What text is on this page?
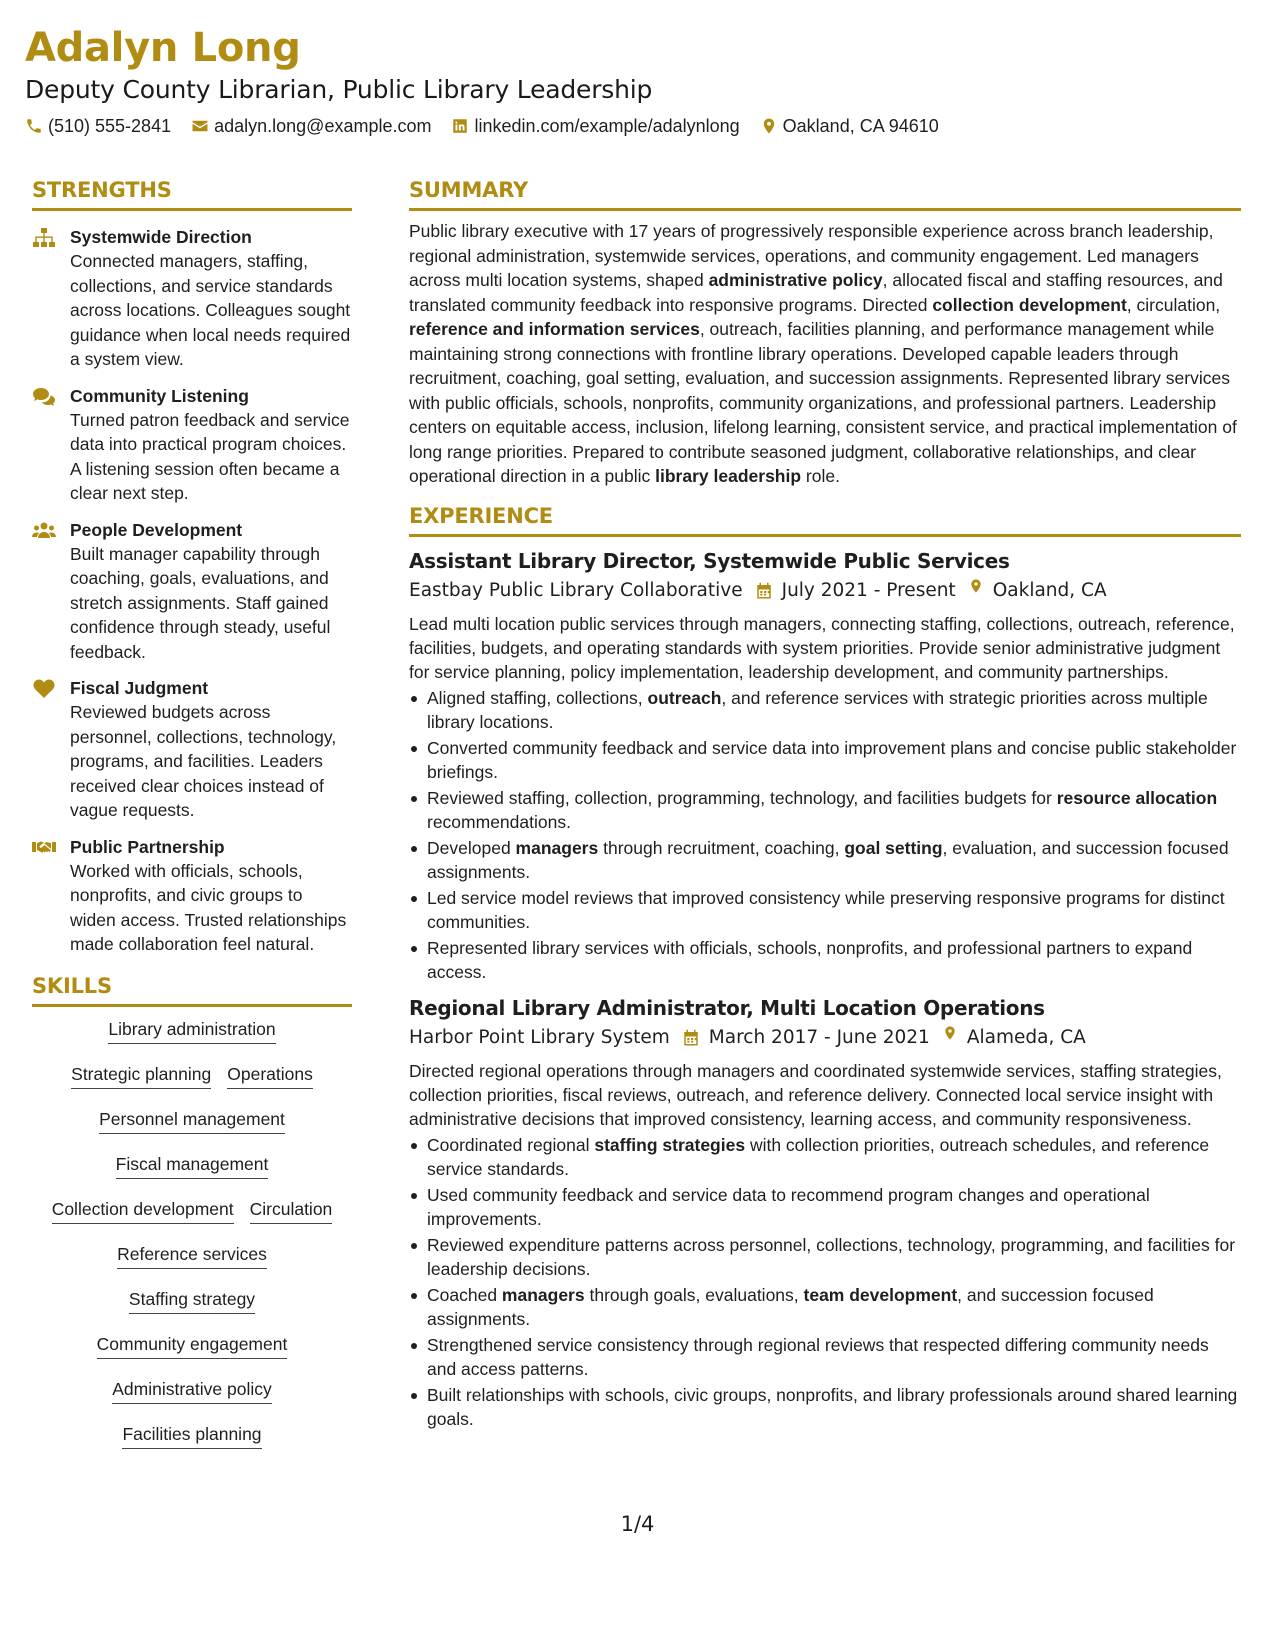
Adalyn Long
Deputy County Librarian, Public Library Leadership
(510) 555-2841 adalyn.long@example.com linkedin.com/example/adalynlong Oakland, CA 94610
STRENGTHS
Systemwide Direction
Connected managers, staffing, collections, and service standards across locations. Colleagues sought guidance when local needs required a system view.
Community Listening
Turned patron feedback and service data into practical program choices. A listening session often became a clear next step.
People Development
Built manager capability through coaching, goals, evaluations, and stretch assignments. Staff gained confidence through steady, useful feedback.
Fiscal Judgment
Reviewed budgets across personnel, collections, technology, programs, and facilities. Leaders received clear choices instead of vague requests.
Public Partnership
Worked with officials, schools, nonprofits, and civic groups to widen access. Trusted relationships made collaboration feel natural.
SKILLS
Library administration
Strategic planning Operations
Personnel management
Fiscal management
Collection development Circulation
Reference services
Staffing strategy
Community engagement
Administrative policy
Facilities planning
SUMMARY
Public library executive with 17 years of progressively responsible experience across branch leadership, regional administration, systemwide services, operations, and community engagement. Led managers across multi location systems, shaped administrative policy, allocated fiscal and staffing resources, and translated community feedback into responsive programs. Directed collection development, circulation, reference and information services, outreach, facilities planning, and performance management while maintaining strong connections with frontline library operations. Developed capable leaders through recruitment, coaching, goal setting, evaluation, and succession assignments. Represented library services with public officials, schools, nonprofits, community organizations, and professional partners. Leadership centers on equitable access, inclusion, lifelong learning, consistent service, and practical implementation of long range priorities. Prepared to contribute seasoned judgment, collaborative relationships, and clear operational direction in a public library leadership role.
EXPERIENCE
Assistant Library Director, Systemwide Public Services
Eastbay Public Library Collaborative July 2021 - Present Oakland, CA
Lead multi location public services through managers, connecting staffing, collections, outreach, reference, facilities, budgets, and operating standards with system priorities. Provide senior administrative judgment for service planning, policy implementation, leadership development, and community partnerships.
Aligned staffing, collections, outreach, and reference services with strategic priorities across multiple library locations.
Converted community feedback and service data into improvement plans and concise public stakeholder briefings.
Reviewed staffing, collection, programming, technology, and facilities budgets for resource allocation recommendations.
Developed managers through recruitment, coaching, goal setting, evaluation, and succession focused assignments.
Led service model reviews that improved consistency while preserving responsive programs for distinct communities.
Represented library services with officials, schools, nonprofits, and professional partners to expand access.
Regional Library Administrator, Multi Location Operations
Harbor Point Library System March 2017 - June 2021 Alameda, CA
Directed regional operations through managers and coordinated systemwide services, staffing strategies, collection priorities, fiscal reviews, outreach, and reference delivery. Connected local service insight with administrative decisions that improved consistency, learning access, and community responsiveness.
Coordinated regional staffing strategies with collection priorities, outreach schedules, and reference service standards.
Used community feedback and service data to recommend program changes and operational improvements.
Reviewed expenditure patterns across personnel, collections, technology, programming, and facilities for leadership decisions.
Coached managers through goals, evaluations, team development, and succession focused assignments.
Strengthened service consistency through regional reviews that respected differing community needs and access patterns.
Built relationships with schools, civic groups, nonprofits, and library professionals around shared learning goals.
1/4
